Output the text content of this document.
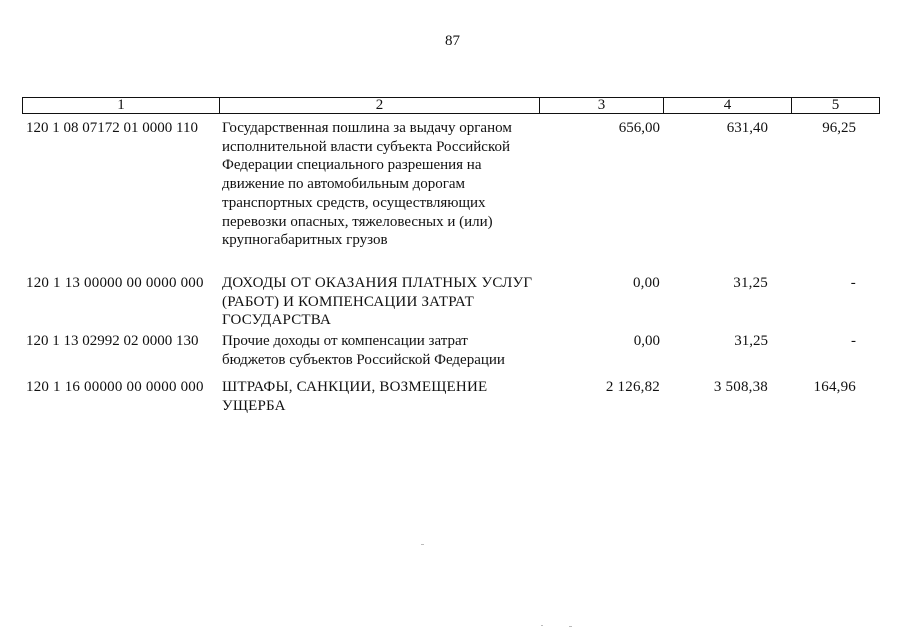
87
1	2	3	4	5
120 1 08 07172 01 0000 110 Государственная пошлина за выдачу органом
исполнительной власти субъекта Российской
Федерации специального разрешения на
движение по автомобильным дорогам
транспортных средств, осуществляющих
перевозки опасных, тяжеловесных и (или)
крупногабаритных грузов
656,00	631,40	96,25
120 1 13 00000 00 0000 000 ДОХОДЫ ОТ ОКАЗАНИЯ ПЛАТНЫХ УСЛУГ
(РАБОТ) И КОМПЕНСАЦИИ ЗАТРАТ
ГОСУДАРСТВА
0,00	31,25	-
120 1 13 02992 02 0000 130 Прочие доходы от компенсации затрат
бюджетов субъектов Российской Федерации
0,00	31,25	-
120 1 16 00000 00 0000 000 ШТРАФЫ, САНКЦИИ, ВОЗМЕЩЕНИЕ
УЩЕРБА
2 126,82	3 508,38	164,96
